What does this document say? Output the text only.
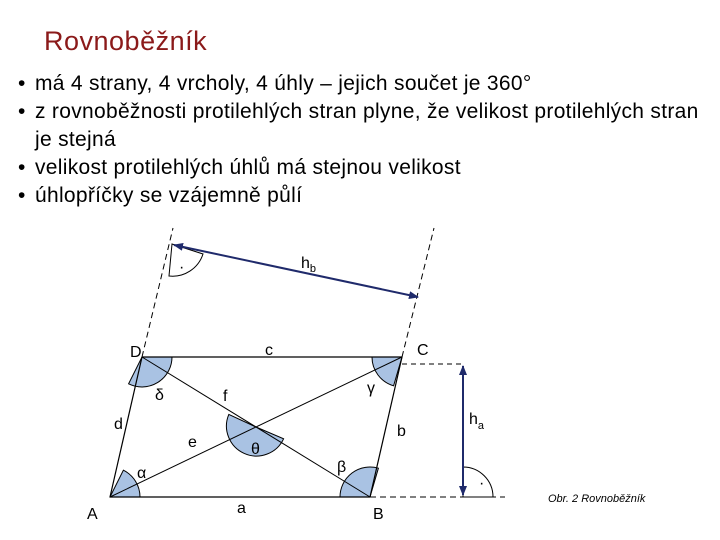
Rovnoběžník
• má 4 strany, 4 vrcholy, 4 úhly – jejich součet je 360°
• z rovnoběžnosti protilehlých stran plyne, že velikost protilehlých stran je stejná
• velikost protilehlých úhlů má stejnou velikost
• úhlopříčky se vzájemně půlí
·
·
A	B
C
D
a
b
c
d
e
f
α	β
γ
δ
θ
$h_a$
$h_b$
Obr. 2 Rovnoběžník
